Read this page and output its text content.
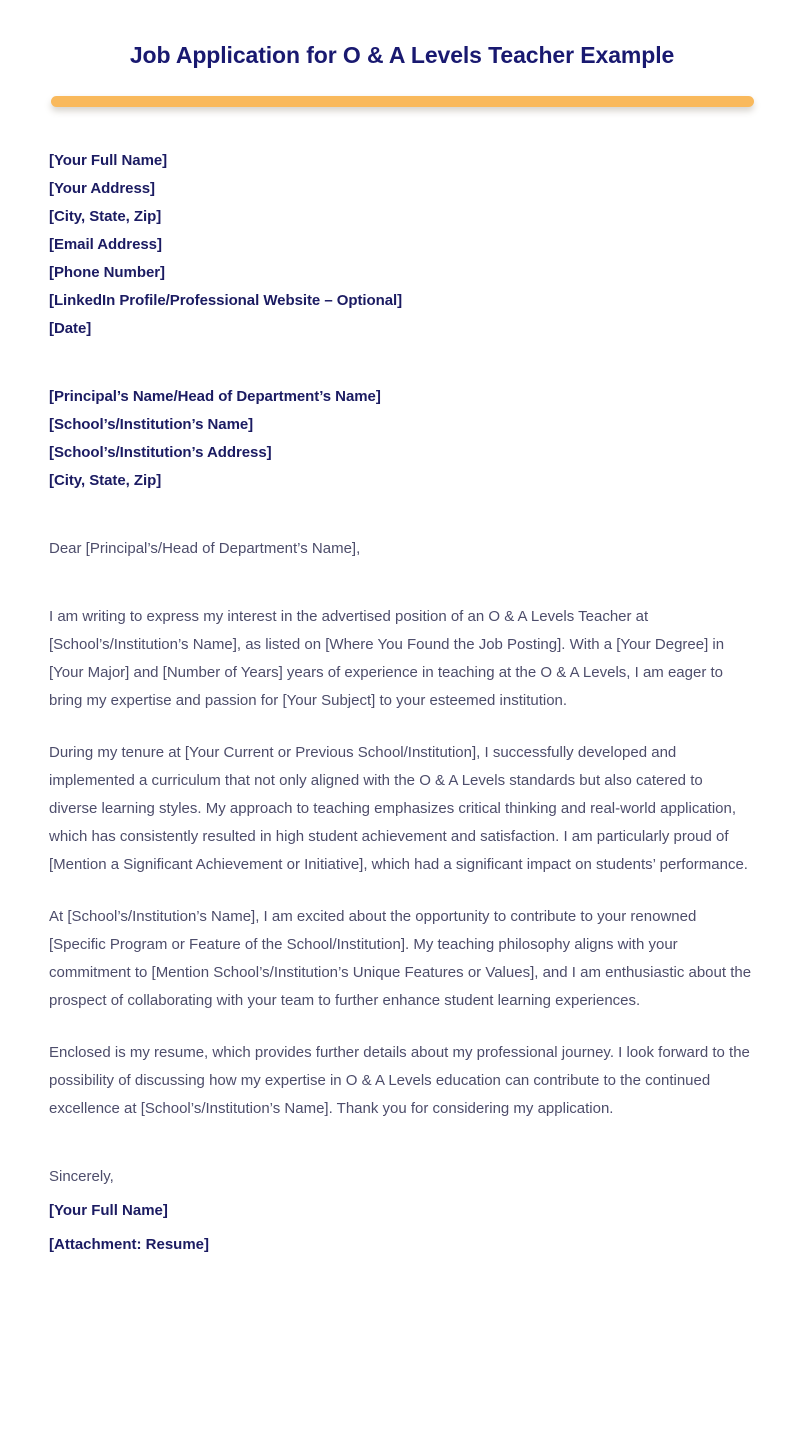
Job Application for O & A Levels Teacher Example
[Your Full Name]
[Your Address]
[City, State, Zip]
[Email Address]
[Phone Number]
[LinkedIn Profile/Professional Website – Optional]
[Date]
[Principal’s Name/Head of Department’s Name]
[School’s/Institution’s Name]
[School’s/Institution’s Address]
[City, State, Zip]

Dear [Principal’s/Head of Department’s Name],

I am writing to express my interest in the advertised position of an O & A Levels Teacher at [School’s/Institution’s Name], as listed on [Where You Found the Job Posting]. With a [Your Degree] in [Your Major] and [Number of Years] years of experience in teaching at the O & A Levels, I am eager to bring my expertise and passion for [Your Subject] to your esteemed institution.

During my tenure at [Your Current or Previous School/Institution], I successfully developed and implemented a curriculum that not only aligned with the O & A Levels standards but also catered to diverse learning styles. My approach to teaching emphasizes critical thinking and real-world application, which has consistently resulted in high student achievement and satisfaction. I am particularly proud of [Mention a Significant Achievement or Initiative], which had a significant impact on students’ performance.

At [School’s/Institution’s Name], I am excited about the opportunity to contribute to your renowned [Specific Program or Feature of the School/Institution]. My teaching philosophy aligns with your commitment to [Mention School’s/Institution’s Unique Features or Values], and I am enthusiastic about the prospect of collaborating with your team to further enhance student learning experiences.

Enclosed is my resume, which provides further details about my professional journey. I look forward to the possibility of discussing how my expertise in O & A Levels education can contribute to the continued excellence at [School’s/Institution’s Name]. Thank you for considering my application.

Sincerely,

[Your Full Name]

[Attachment: Resume]
